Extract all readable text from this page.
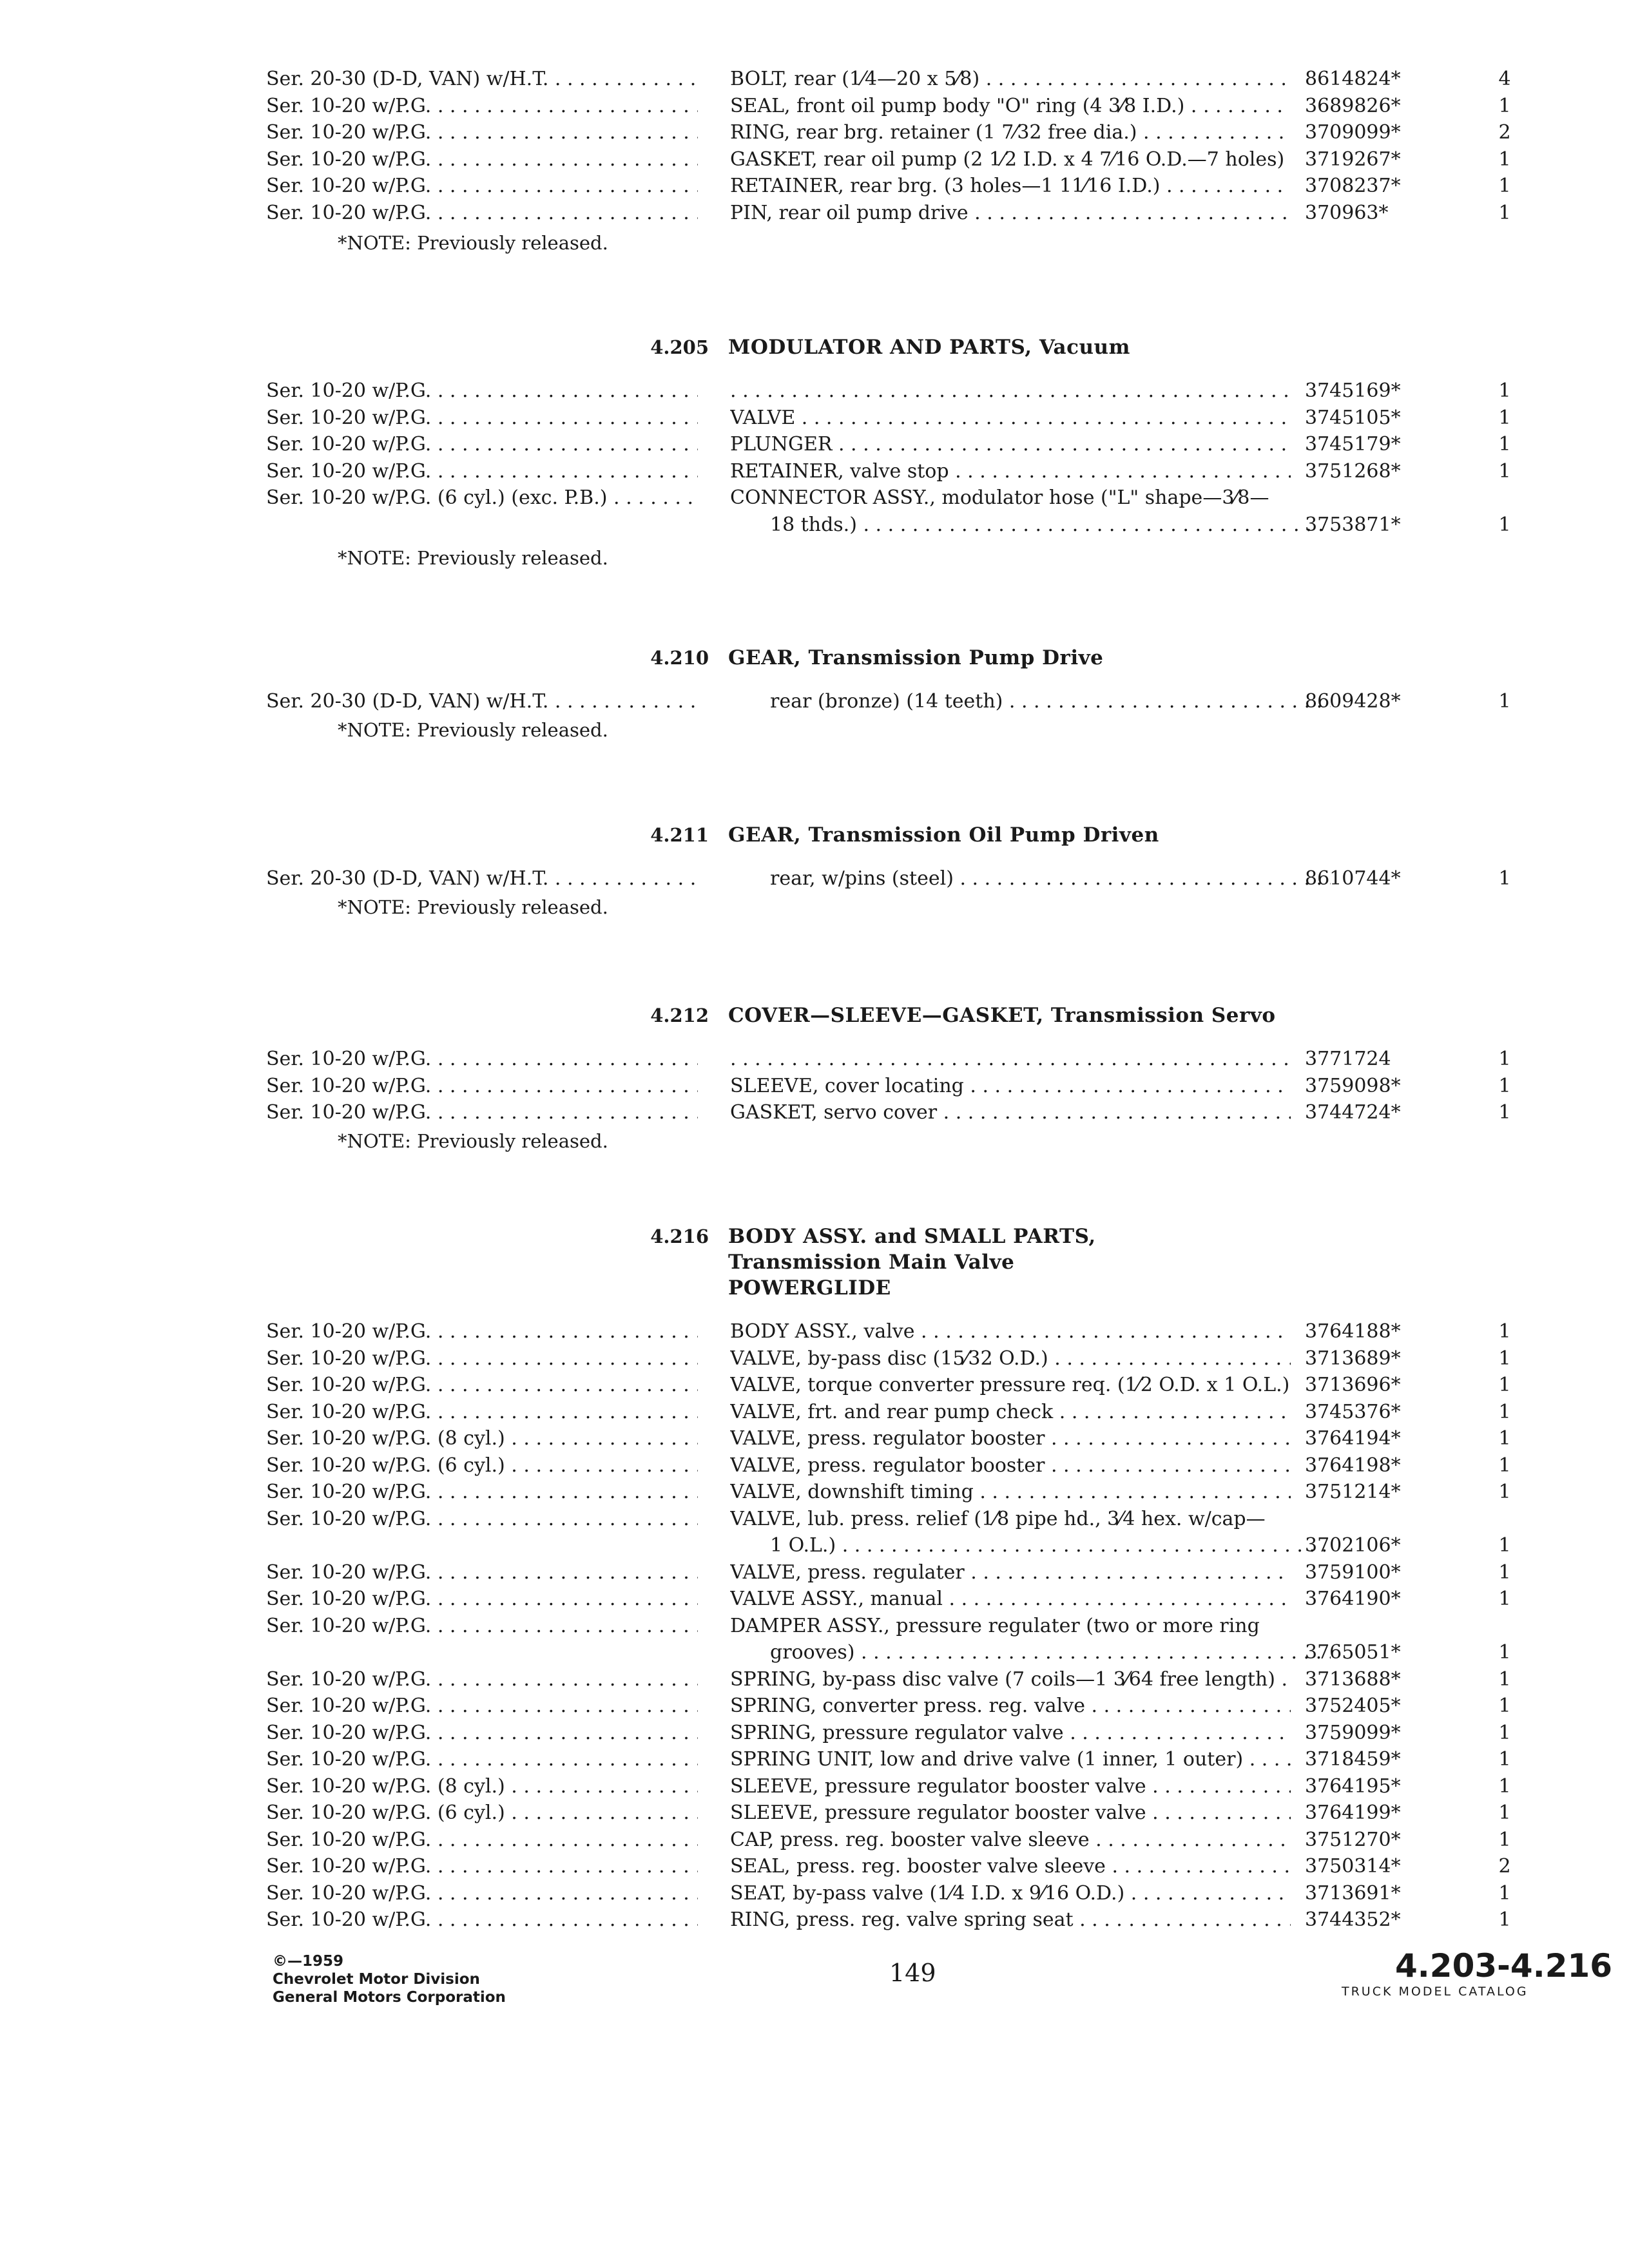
Ser. 20-30 (D-D, VAN) w/H.T. . . .	BOLT, rear (1⁄4—20 x 5⁄8) . . .	8614824*	4
Ser. 10-20 w/P.G. . . .	SEAL, front oil pump body "O" ring (4 3⁄8 I.D.) . . .	3689826*	1
Ser. 10-20 w/P.G. . . .	RING, rear brg. retainer (1 7⁄32 free dia.) . . .	3709099*	2
Ser. 10-20 w/P.G. . . .	GASKET, rear oil pump (2 1⁄2 I.D. x 4 7⁄16 O.D.—7 holes) . . .	3719267*	1
Ser. 10-20 w/P.G. . . .	RETAINER, rear brg. (3 holes—1 11⁄16 I.D.) . . .	3708237*	1
Ser. 10-20 w/P.G. . . .	PIN, rear oil pump drive . . .	370963*	1
*NOTE: Previously released.
4.205 MODULATOR AND PARTS, Vacuum
Ser. 10-20 w/P.G. . . . . . .	3745169*	1
Ser. 10-20 w/P.G. . . .	VALVE . . .	3745105*	1
Ser. 10-20 w/P.G. . . .	PLUNGER . . .	3745179*	1
Ser. 10-20 w/P.G. . . .	RETAINER, valve stop . . .	3751268*	1
Ser. 10-20 w/P.G. (6 cyl.) (exc. P.B.) . . .	CONNECTOR ASSY., modulator hose ("L" shape—3⁄8—
18 thds.) . . .	3753871*	1
*NOTE: Previously released.
4.210 GEAR, Transmission Pump Drive
Ser. 20-30 (D-D, VAN) w/H.T. . . .	rear (bronze) (14 teeth) . . .	8609428*	1
*NOTE: Previously released.
4.211 GEAR, Transmission Oil Pump Driven
Ser. 20-30 (D-D, VAN) w/H.T. . . .	rear, w/pins (steel) . . .	8610744*	1
*NOTE: Previously released.
4.212 COVER—SLEEVE—GASKET, Transmission Servo
Ser. 10-20 w/P.G. . . . . . .	3771724	1
Ser. 10-20 w/P.G. . . .	SLEEVE, cover locating . . .	3759098*	1
Ser. 10-20 w/P.G. . . .	GASKET, servo cover . . .	3744724*	1
*NOTE: Previously released.
4.216 BODY ASSY. and SMALL PARTS,
Transmission Main Valve
POWERGLIDE
Ser. 10-20 w/P.G. . . .	BODY ASSY., valve . . .	3764188*	1
Ser. 10-20 w/P.G. . . .	VALVE, by-pass disc (15⁄32 O.D.) . . .	3713689*	1
Ser. 10-20 w/P.G. . . .	VALVE, torque converter pressure req. (1⁄2 O.D. x 1 O.L.) . . . 3713696*	1
Ser. 10-20 w/P.G. . . .	VALVE, frt. and rear pump check . . .	3745376*	1
Ser. 10-20 w/P.G. (8 cyl.) . . .	VALVE, press. regulator booster . . .	3764194*	1
Ser. 10-20 w/P.G. (6 cyl.) . . .	VALVE, press. regulator booster . . .	3764198*	1
Ser. 10-20 w/P.G. . . .	VALVE, downshift timing . . .	3751214*	1
Ser. 10-20 w/P.G. . . .	VALVE, lub. press. relief (1⁄8 pipe hd., 3⁄4 hex. w/cap—
1 O.L.) . . .	3702106*	1
Ser. 10-20 w/P.G. . . .	VALVE, press. regulater . . .	3759100*	1
Ser. 10-20 w/P.G. . . .	VALVE ASSY., manual . . .	3764190*	1
Ser. 10-20 w/P.G. . . .	DAMPER ASSY., pressure regulater (two or more ring
grooves) . . .	3765051*	1
Ser. 10-20 w/P.G. . . .	SPRING, by-pass disc valve (7 coils—1 3⁄64 free length) . . .	3713688*	1
Ser. 10-20 w/P.G. . . .	SPRING, converter press. reg. valve . . .	3752405*	1
Ser. 10-20 w/P.G. . . .	SPRING, pressure regulator valve . . .	3759099*	1
Ser. 10-20 w/P.G. . . .	SPRING UNIT, low and drive valve (1 inner, 1 outer) . . .	3718459*	1
Ser. 10-20 w/P.G. (8 cyl.) . . .	SLEEVE, pressure regulator booster valve . . .	3764195*	1
Ser. 10-20 w/P.G. (6 cyl.) . . .	SLEEVE, pressure regulator booster valve . . .	3764199*	1
Ser. 10-20 w/P.G. . . .	CAP, press. reg. booster valve sleeve . . .	3751270*	1
Ser. 10-20 w/P.G. . . .	SEAL, press. reg. booster valve sleeve . . .	3750314*	2
Ser. 10-20 w/P.G. . . .	SEAT, by-pass valve (1⁄4 I.D. x 9⁄16 O.D.) . . .	3713691*	1
Ser. 10-20 w/P.G. . . .	RING, press. reg. valve spring seat . . .	3744352*	1
©—1959
Chevrolet Motor Division
General Motors Corporation
149	4.203-4.216
TRUCK MODEL CATALOG
